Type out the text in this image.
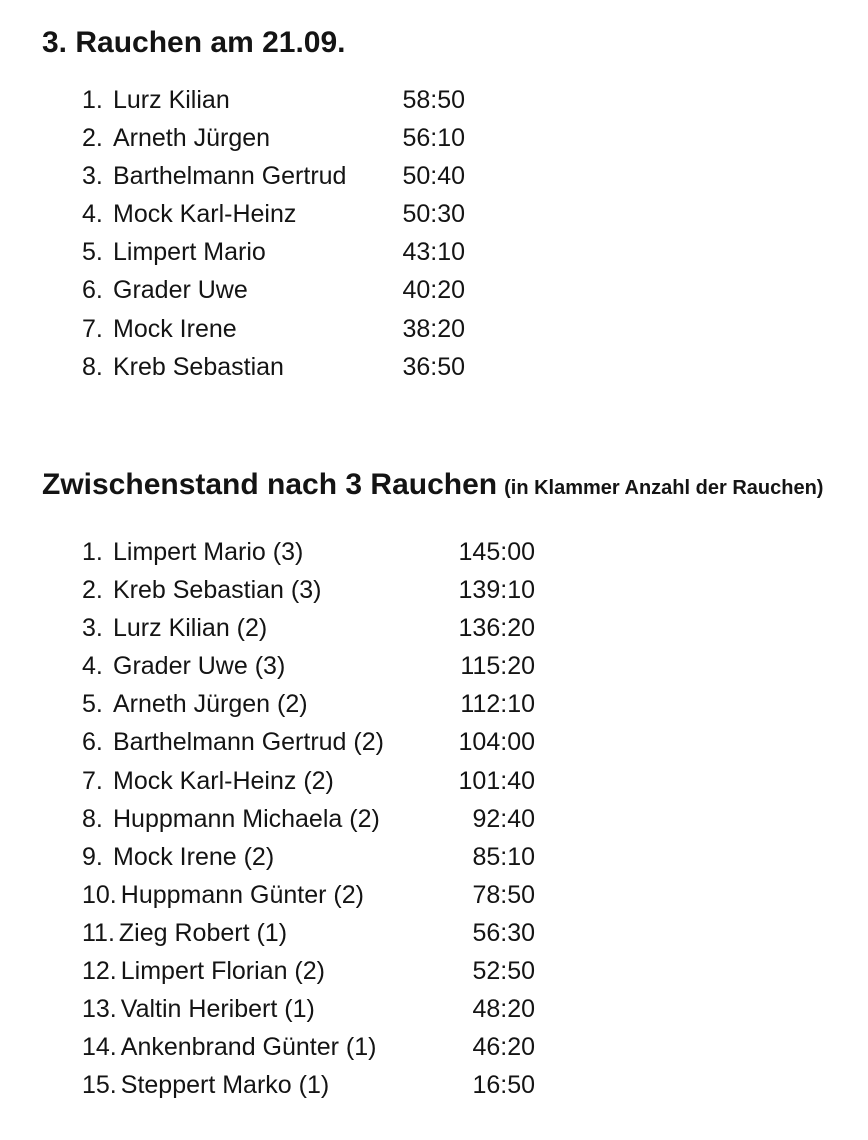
3. Rauchen am 21.09.
1. Lurz Kilian	58:50
2. Arneth Jürgen	56:10
3. Barthelmann Gertrud 50:40
4. Mock Karl-Heinz	50:30
5. Limpert Mario	43:10
6. Grader Uwe	40:20
7. Mock Irene	38:20
8. Kreb Sebastian	36:50
Zwischenstand nach 3 Rauchen (in Klammer Anzahl der Rauchen)
1. Limpert Mario (3)	145:00
2. Kreb Sebastian (3)	139:10
3. Lurz Kilian (2)	136:20
4. Grader Uwe (3)	115:20
5. Arneth Jürgen (2)	112:10
6. Barthelmann Gertrud (2)	104:00
7. Mock Karl-Heinz (2)	101:40
8. Huppmann Michaela (2)	92:40
9. Mock Irene (2)	85:10
10. Huppmann Günter (2)	78:50
11. Zieg Robert (1)	56:30
12. Limpert Florian (2)	52:50
13. Valtin Heribert (1)	48:20
14. Ankenbrand Günter (1)	46:20
15. Steppert Marko (1)	16:50
